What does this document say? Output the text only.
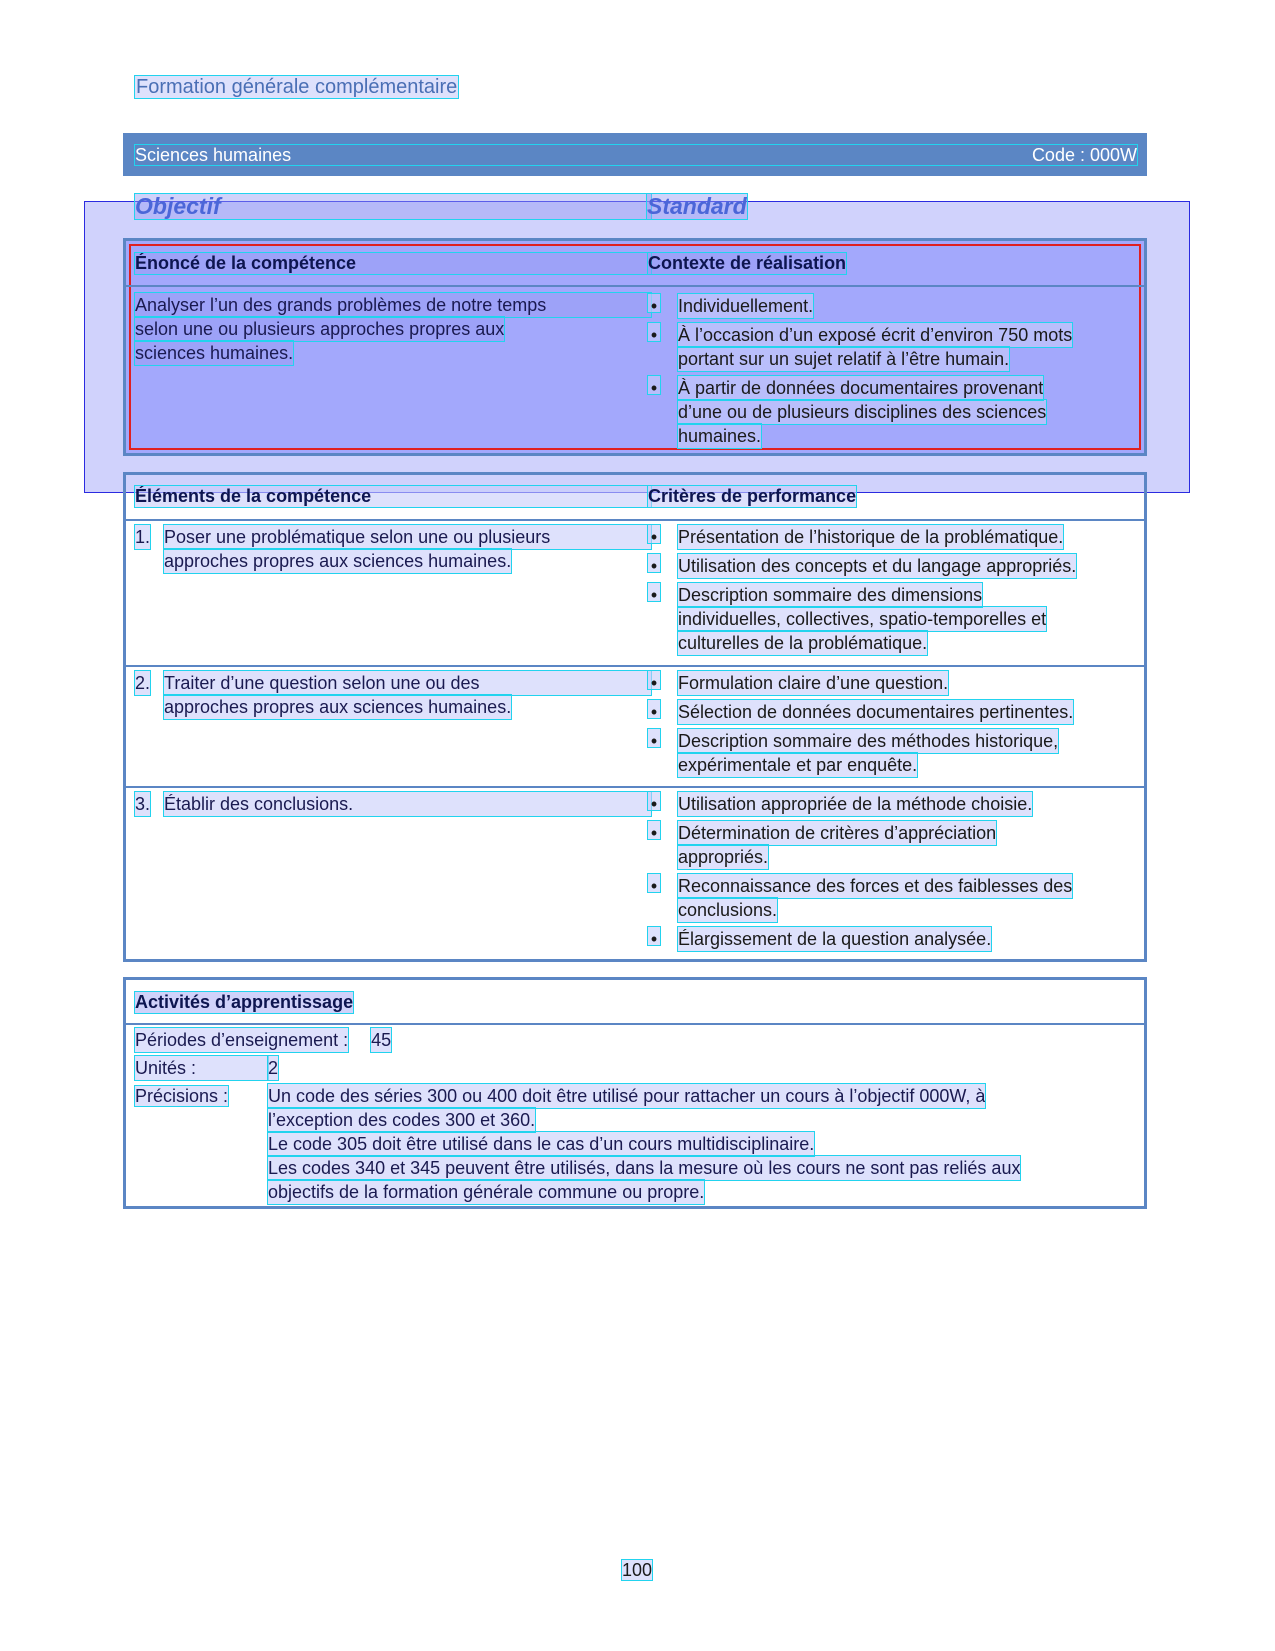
Formation générale complémentaire
Sciences humaines	Code : 000W
Objectif	Standard
Énoncé de la compétence	Contexte de réalisation
Analyser l’un des grands problèmes de notre temps
selon une ou plusieurs approches propres aux
sciences humaines.
• Individuellement.
• À l’occasion d’un exposé écrit d’environ 750 mots
portant sur un sujet relatif à l’être humain.
• À partir de données documentaires provenant
d’une ou de plusieurs disciplines des sciences
humaines.
Éléments de la compétence	Critères de performance
1. Poser une problématique selon une ou plusieurs
approches propres aux sciences humaines.
• Présentation de l’historique de la problématique.
• Utilisation des concepts et du langage appropriés.
• Description sommaire des dimensions
individuelles, collectives, spatio-temporelles et
culturelles de la problématique.
2. Traiter d’une question selon une ou des
approches propres aux sciences humaines.
• Formulation claire d’une question.
• Sélection de données documentaires pertinentes.
• Description sommaire des méthodes historique,
expérimentale et par enquête.
3. Établir des conclusions.	• Utilisation appropriée de la méthode choisie.
• Détermination de critères d’appréciation
appropriés.
• Reconnaissance des forces et des faiblesses des
conclusions.
• Élargissement de la question analysée.
Activités d’apprentissage
Périodes d’enseignement : 45
Unités :	2
Précisions : Un code des séries 300 ou 400 doit être utilisé pour rattacher un cours à l’objectif 000W, à
l’exception des codes 300 et 360.
Le code 305 doit être utilisé dans le cas d’un cours multidisciplinaire.
Les codes 340 et 345 peuvent être utilisés, dans la mesure où les cours ne sont pas reliés aux
objectifs de la formation générale commune ou propre.
100
